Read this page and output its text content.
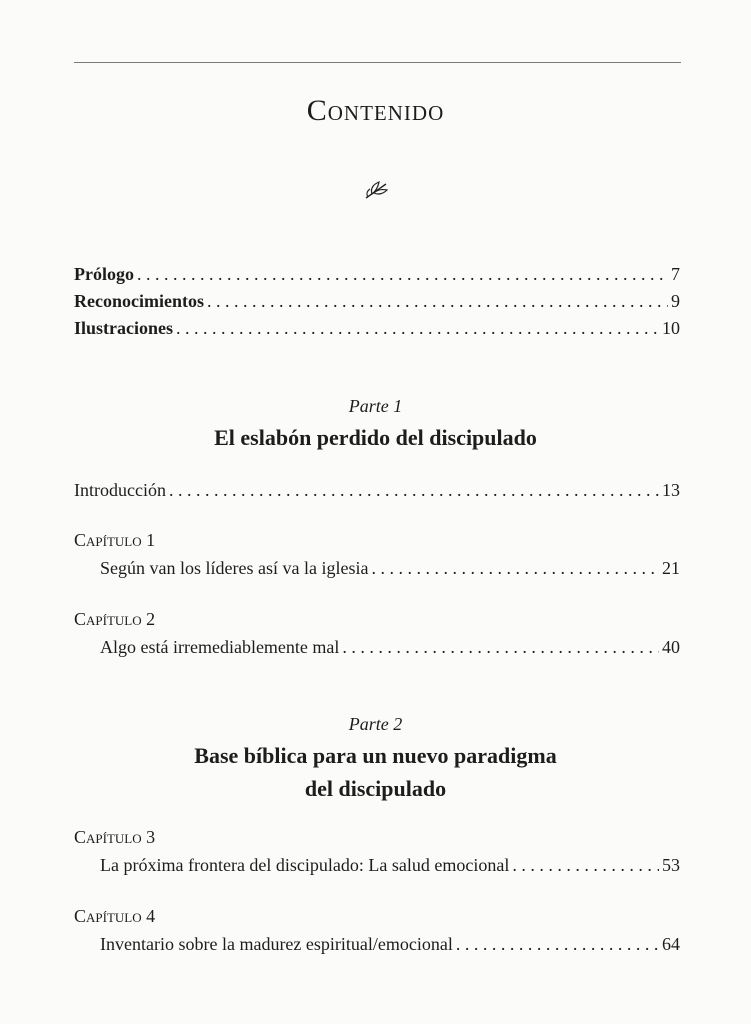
Contenido
Prólogo . . .	7
Reconocimientos . . .	9
Ilustraciones . . .	10
Parte 1
El eslabón perdido del discipulado
Introducción . . .	13
Capítulo 1
Según van los líderes así va la iglesia . . .	21
Capítulo 2
Algo está irremediablemente mal . . .	40
Parte 2
Base bíblica para un nuevo paradigma
del discipulado
Capítulo 3
La próxima frontera del discipulado: La salud emocional . . .	53
Capítulo 4
Inventario sobre la madurez espiritual/emocional . . .	64
